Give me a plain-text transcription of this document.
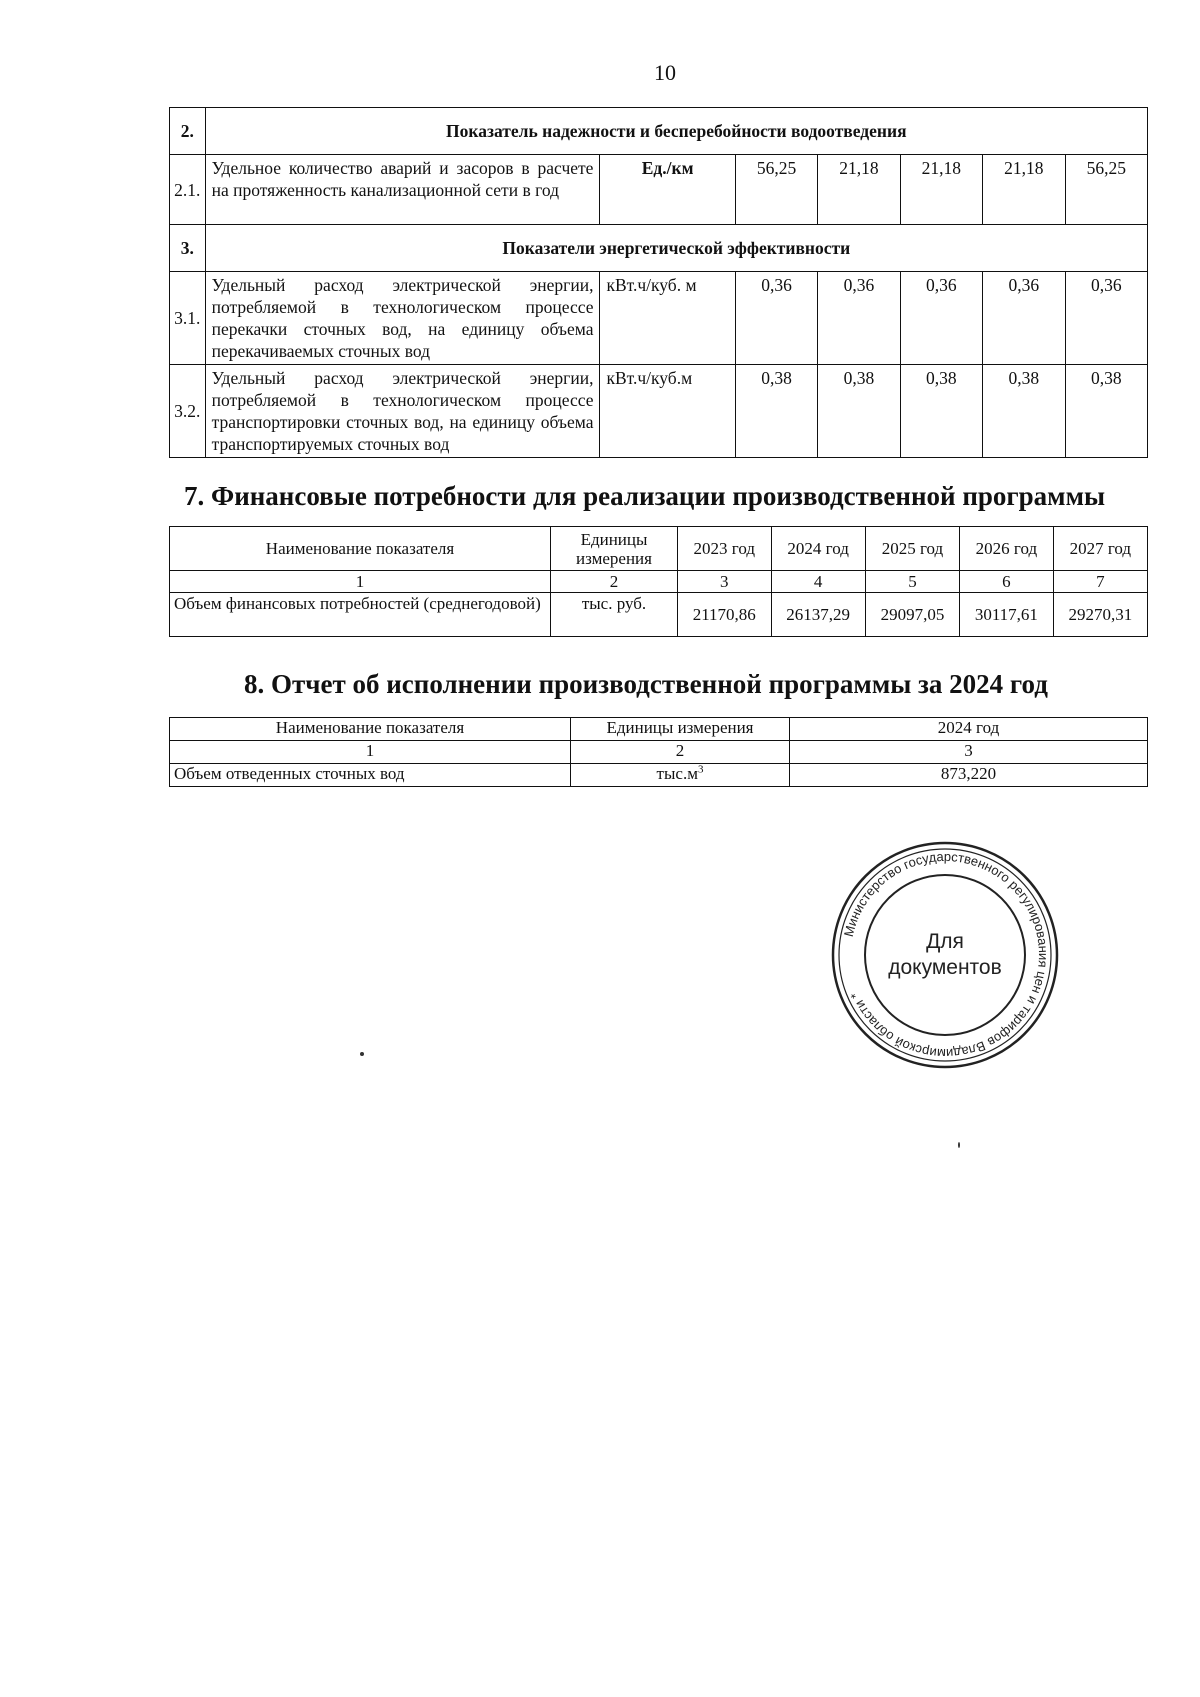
10
2.	Показатель надежности и бесперебойности водоотведения						
2.1.	Удельное количество аварий и засоров в расчете на протяженность канализационной сети в год	Ед./км	56,25	21,18	21,18	21,18	56,25
3.	Показатели энергетической эффективности						
3.1.	Удельный расход электрической энергии, потребляемой в технологическом процессе перекачки сточных вод, на единицу объема перекачиваемых сточных вод	кВт.ч/куб. м	0,36	0,36	0,36	0,36	0,36
3.2.	Удельный расход электрической энергии, потребляемой в технологическом процессе транспортировки сточных вод, на единицу объема транспортируемых сточных вод	кВт.ч/куб.м	0,38	0,38	0,38	0,38	0,38
7. Финансовые потребности для реализации производственной программы
Наименование показателя	Единицы измерения	2023 год	2024 год	2025 год	2026 год	2027 год
1	2	3	4	5	6	7
Объем финансовых потребностей (среднегодовой)	тыс. руб.	21170,86	26137,29	29097,05	30117,61	29270,31
8. Отчет об исполнении производственной программы за 2024 год
Наименование показателя	Единицы измерения	2024 год
1	2	3
Объем отведенных сточных вод	$тыс.м^3$	873,220
Министерство государственного регулирования цен и тарифов Владимирской области *
Для
документов
